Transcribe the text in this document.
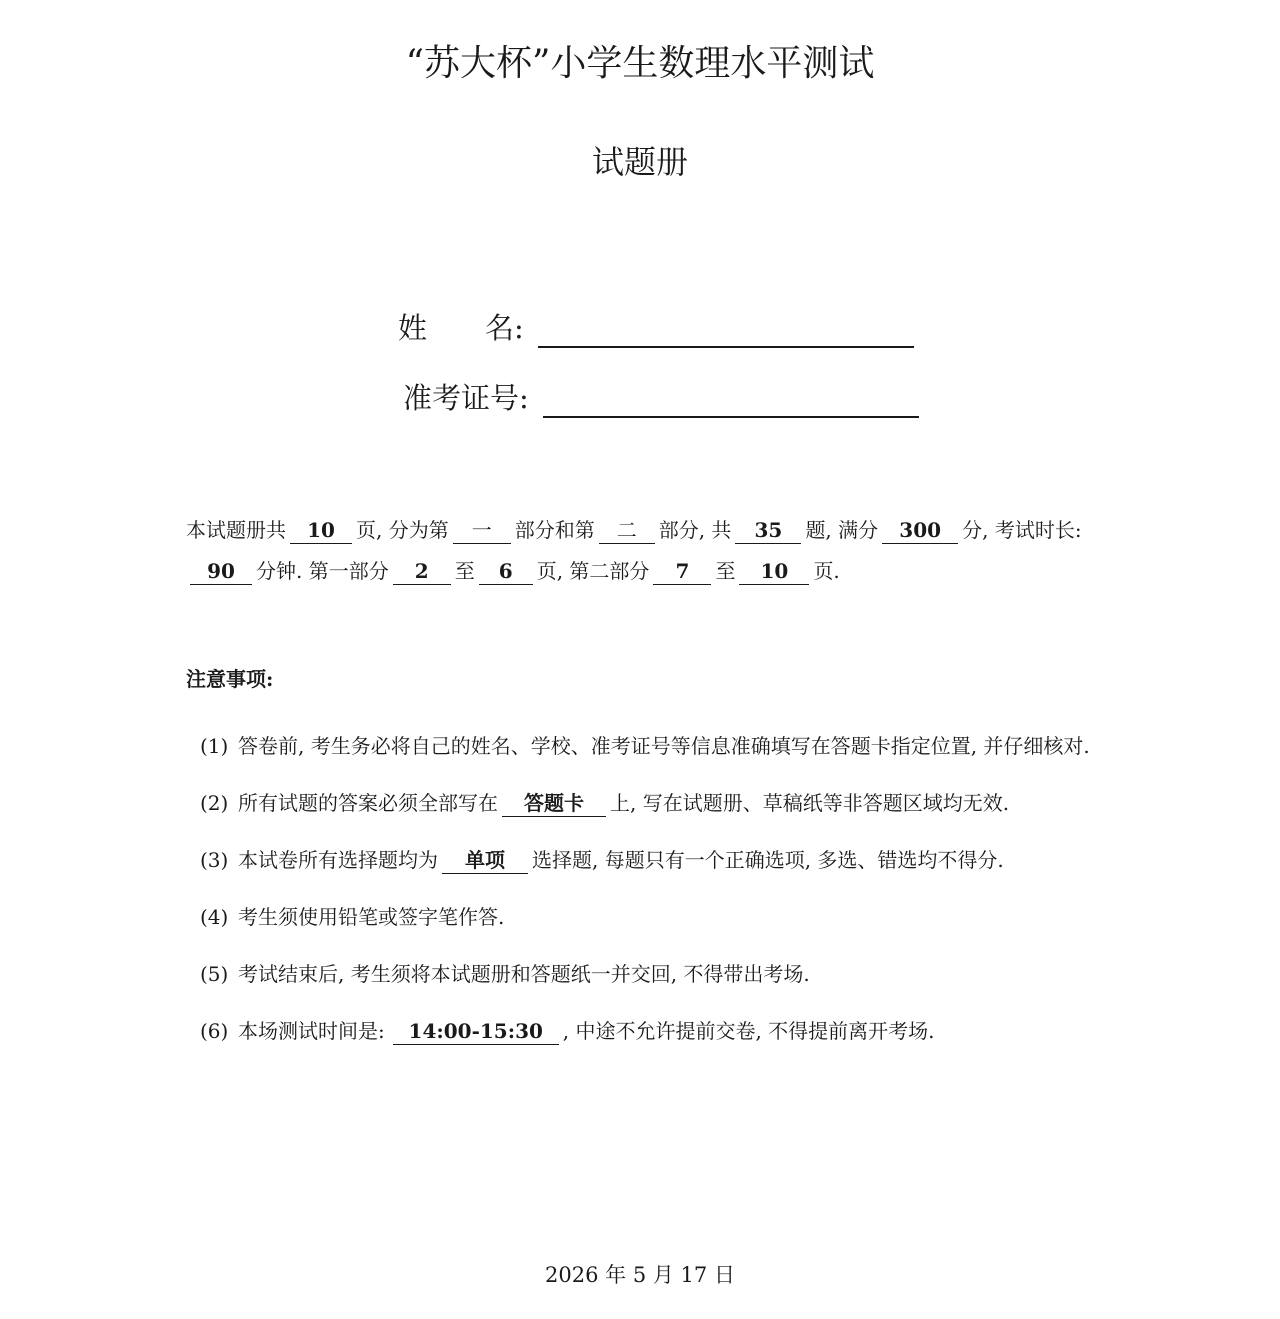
“苏大杯”小学生数理水平测试
试题册
姓　　名:
准考证号:
本试题册共 10 页, 分为第 一 部分和第 二 部分, 共 35 题, 满分 300 分, 考试时长:90 分钟. 第一部分 2 至 6 页, 第二部分 7 至 10 页.
注意事项:
(1) 答卷前, 考生务必将自己的姓名、学校、准考证号等信息准确填写在答题卡指定位置, 并仔细核对.
(2) 所有试题的答案必须全部写在 答题卡 上, 写在试题册、草稿纸等非答题区域均无效.
(3) 本试卷所有选择题均为 单项 选择题, 每题只有一个正确选项, 多选、错选均不得分.
(4) 考生须使用铅笔或签字笔作答.
(5) 考试结束后, 考生须将本试题册和答题纸一并交回, 不得带出考场.
(6) 本场测试时间是: 14:00-15:30 , 中途不允许提前交卷, 不得提前离开考场.
2026 年 5 月 17 日
